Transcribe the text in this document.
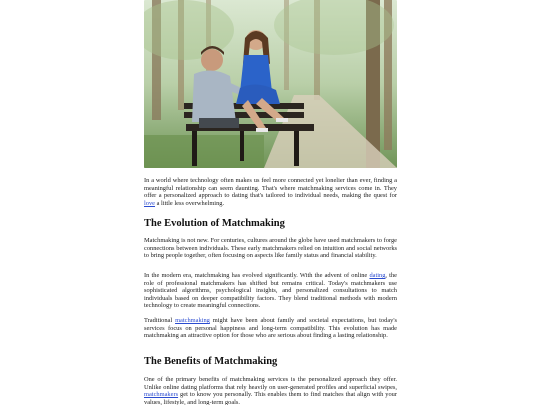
In a world where technology often makes us feel more connected yet lonelier than ever, finding a meaningful relationship can seem daunting. That's where matchmaking services come in. They offer a personalized approach to dating that's tailored to individual needs, making the quest for love a little less overwhelming.

The Evolution of Matchmaking

Matchmaking is not new. For centuries, cultures around the globe have used matchmakers to forge connections between individuals. These early matchmakers relied on intuition and social networks to bring people together, often focusing on aspects like family status and financial stability.

In the modern era, matchmaking has evolved significantly. With the advent of online dating, the role of professional matchmakers has shifted but remains critical. Today's matchmakers use sophisticated algorithms, psychological insights, and personalized consultations to match individuals based on deeper compatibility factors. They blend traditional methods with modern technology to create meaningful connections.

Traditional matchmaking might have been about family and societal expectations, but today's services focus on personal happiness and long-term compatibility. This evolution has made matchmaking an attractive option for those who are serious about finding a lasting relationship.

The Benefits of Matchmaking

One of the primary benefits of matchmaking services is the personalized approach they offer. Unlike online dating platforms that rely heavily on user-generated profiles and superficial swipes, matchmakers get to know you personally. This enables them to find matches that align with your values, lifestyle, and long-term goals.
